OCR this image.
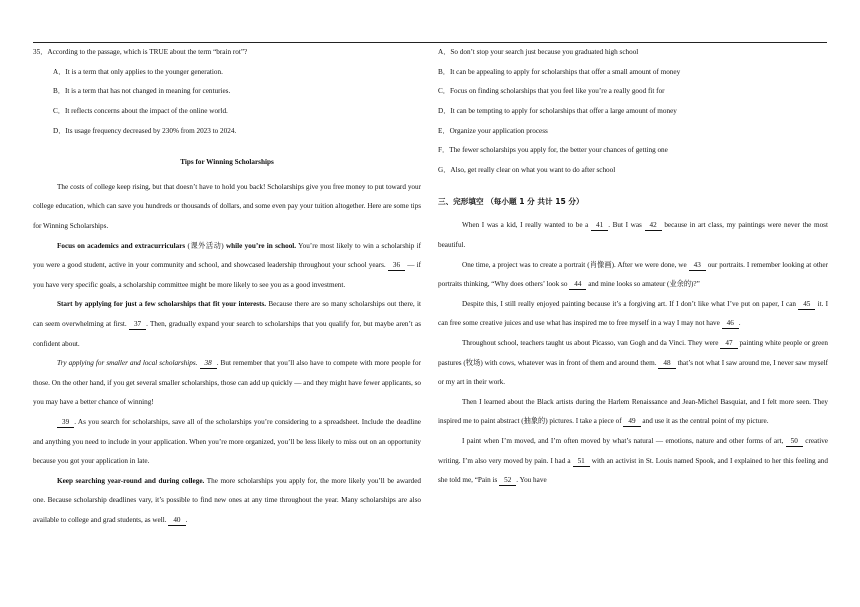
35．According to the passage, which is TRUE about the term “brain rot”?

A．It is a term that only applies to the younger generation.

B．It is a term that has not changed in meaning for centuries.

C．It reflects concerns about the impact of the online world.

D．Its usage frequency decreased by 230% from 2023 to 2024.

Tips for Winning Scholarships

The costs of college keep rising, but that doesn’t have to hold you back! Scholarships give you free money to put toward your college education, which can save you hundreds or thousands of dollars, and some even pay your tuition altogether. Here are some tips for Winning Scholarships.

Focus on academics and extracurriculars (课外活动) while you’re in school. You’re most likely to win a scholarship if you were a good student, active in your community and school, and showcased leadership throughout your school years. 36 — if you have very specific goals, a scholarship committee might be more likely to see you as a good investment.

Start by applying for just a few scholarships that fit your interests. Because there are so many scholarships out there, it can seem overwhelming at first. 37 . Then, gradually expand your search to scholarships that you qualify for, but maybe aren’t as confident about.

Try applying for smaller and local scholarships. 38 . But remember that you’ll also have to compete with more people for those. On the other hand, if you get several smaller scholarships, those can add up quickly — and they might have fewer applicants, so you may have a better chance of winning!

39 . As you search for scholarships, save all of the scholarships you’re considering to a spreadsheet. Include the deadline and anything you need to include in your application. When you’re more organized, you’ll be less likely to miss out on an opportunity because you got your application in late.

Keep searching year-round and during college. The more scholarships you apply for, the more likely you’ll be awarded one. Because scholarship deadlines vary, it’s possible to find new ones at any time throughout the year. Many scholarships are also available to college and grad students, as well. 40 .

A．So don’t stop your search just because you graduated high school

B．It can be appealing to apply for scholarships that offer a small amount of money

C．Focus on finding scholarships that you feel like you’re a really good fit for

D．It can be tempting to apply for scholarships that offer a large amount of money

E．Organize your application process

F．The fewer scholarships you apply for, the better your chances of getting one

G．Also, get really clear on what you want to do after school

三、完形填空 （每小题 1 分 共计 15 分）

When I was a kid, I really wanted to be a 41 . But I was 42 because in art class, my paintings were never the most beautiful.

One time, a project was to create a portrait (肖像画). After we were done, we 43 our portraits. I remember looking at other portraits thinking, “Why does others’ look so 44 and mine looks so amateur (业余的)?”

Despite this, I still really enjoyed painting because it’s a forgiving art. If I don’t like what I’ve put on paper, I can 45 it. I can free some creative juices and use what has inspired me to free myself in a way I may not have 46 .

Throughout school, teachers taught us about Picasso, van Gogh and da Vinci. They were 47 painting white people or green pastures (牧场) with cows, whatever was in front of them and around them. 48 that’s not what I saw around me, I never saw myself or my art in their work.

Then I learned about the Black artists during the Harlem Renaissance and Jean-Michel Basquiat, and I felt more seen. They inspired me to paint abstract (抽象的) pictures. I take a piece of 49 and use it as the central point of my picture.

I paint when I’m moved, and I’m often moved by what’s natural — emotions, nature and other forms of art, 50 creative writing. I’m also very moved by pain. I had a 51 with an activist in St. Louis named Spook, and I explained to her this feeling and she told me, “Pain is 52 . You have
